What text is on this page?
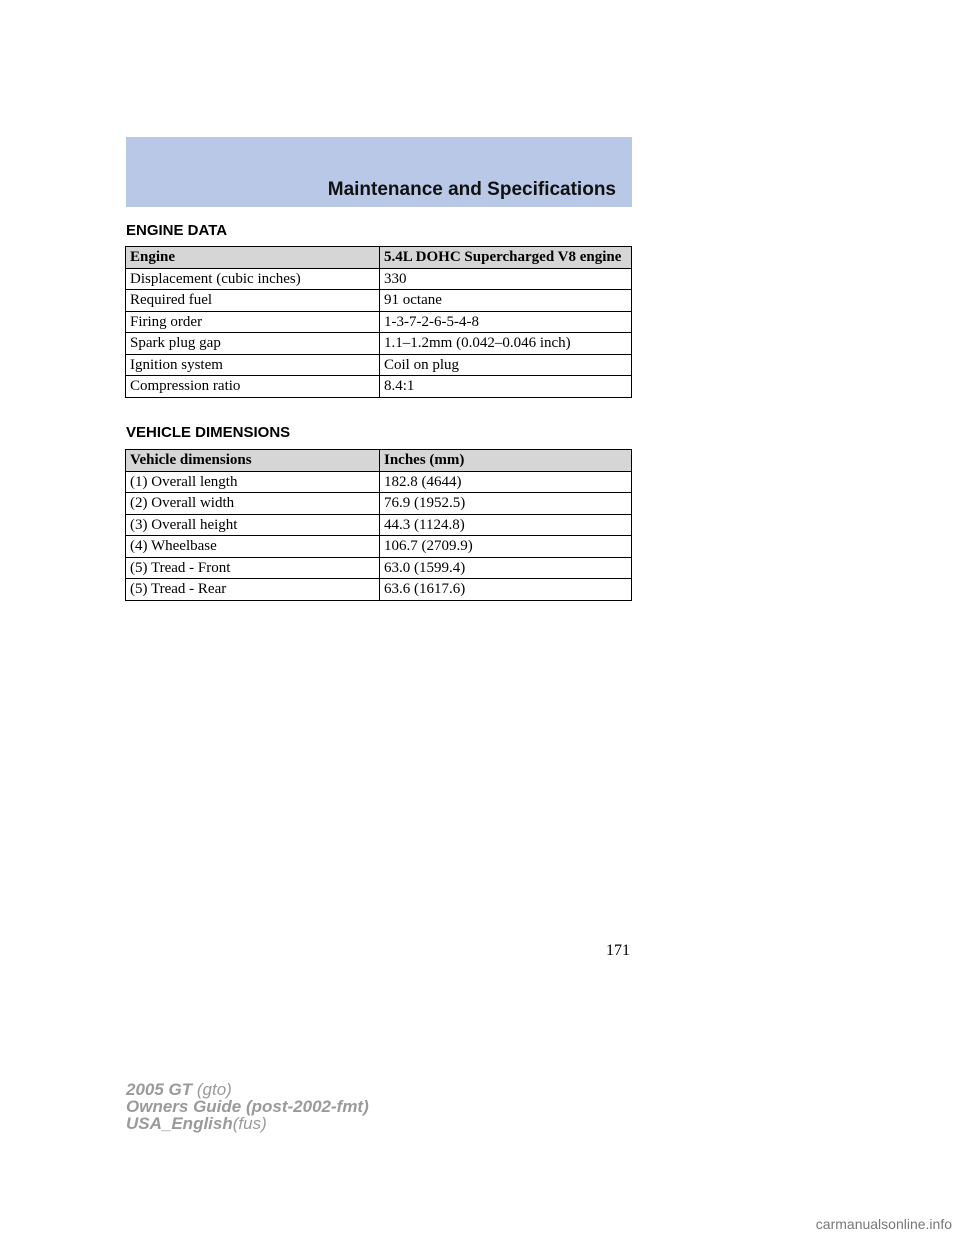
Maintenance and Specifications
ENGINE DATA
Engine	5.4L DOHC Supercharged V8 engine
Displacement (cubic inches)	330
Required fuel	91 octane
Firing order	1-3-7-2-6-5-4-8
Spark plug gap	1.1–1.2mm (0.042–0.046 inch)
Ignition system	Coil on plug
Compression ratio	8.4:1
VEHICLE DIMENSIONS
Vehicle dimensions	Inches (mm)
(1) Overall length	182.8 (4644)
(2) Overall width	76.9 (1952.5)
(3) Overall height	44.3 (1124.8)
(4) Wheelbase	106.7 (2709.9)
(5) Tread - Front	63.0 (1599.4)
(5) Tread - Rear	63.6 (1617.6)
171
2005 GT (gto)
Owners Guide (post-2002-fmt)
USA_English(fus)
carmanualsonline.info
